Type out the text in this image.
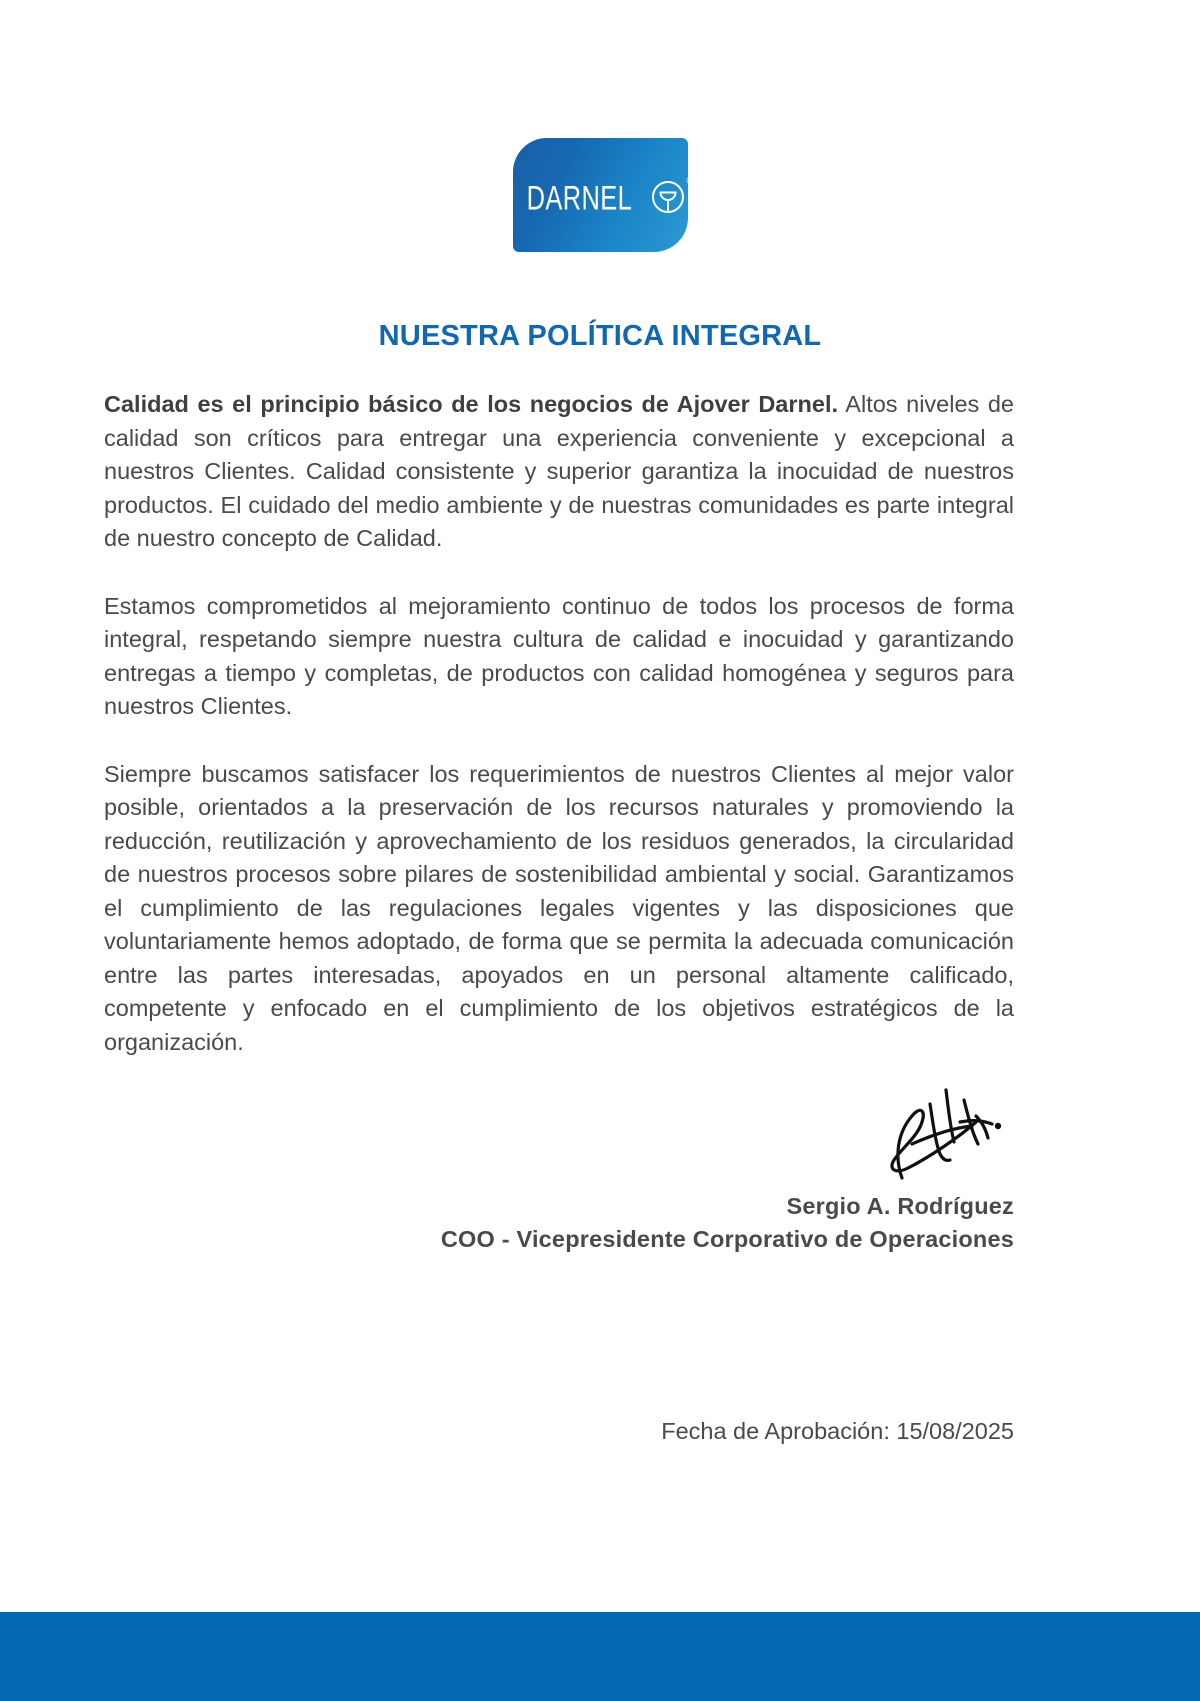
DARNEL	®
NUESTRA POLÍTICA INTEGRAL

Calidad es el principio básico de los negocios de Ajover Darnel. Altos niveles de calidad son críticos para entregar una experiencia conveniente y excepcional a nuestros Clientes. Calidad consistente y superior garantiza la inocuidad de nuestros productos. El cuidado del medio ambiente y de nuestras comunidades es parte integral de nuestro concepto de Calidad.

Estamos comprometidos al mejoramiento continuo de todos los procesos de forma integral, respetando siempre nuestra cultura de calidad e inocuidad y garantizando entregas a tiempo y completas, de productos con calidad homogénea y seguros para nuestros Clientes.

Siempre buscamos satisfacer los requerimientos de nuestros Clientes al mejor valor posible, orientados a la preservación de los recursos naturales y promoviendo la reducción, reutilización y aprovechamiento de los residuos generados, la circularidad de nuestros procesos sobre pilares de sostenibilidad ambiental y social. Garantizamos el cumplimiento de las regulaciones legales vigentes y las disposiciones que voluntariamente hemos adoptado, de forma que se permita la adecuada comunicación entre las partes interesadas, apoyados en un personal altamente calificado, competente y enfocado en el cumplimiento de los objetivos estratégicos de la organización.

Sergio A. Rodríguez
COO - Vicepresidente Corporativo de Operaciones
Fecha de Aprobación: 15/08/2025
